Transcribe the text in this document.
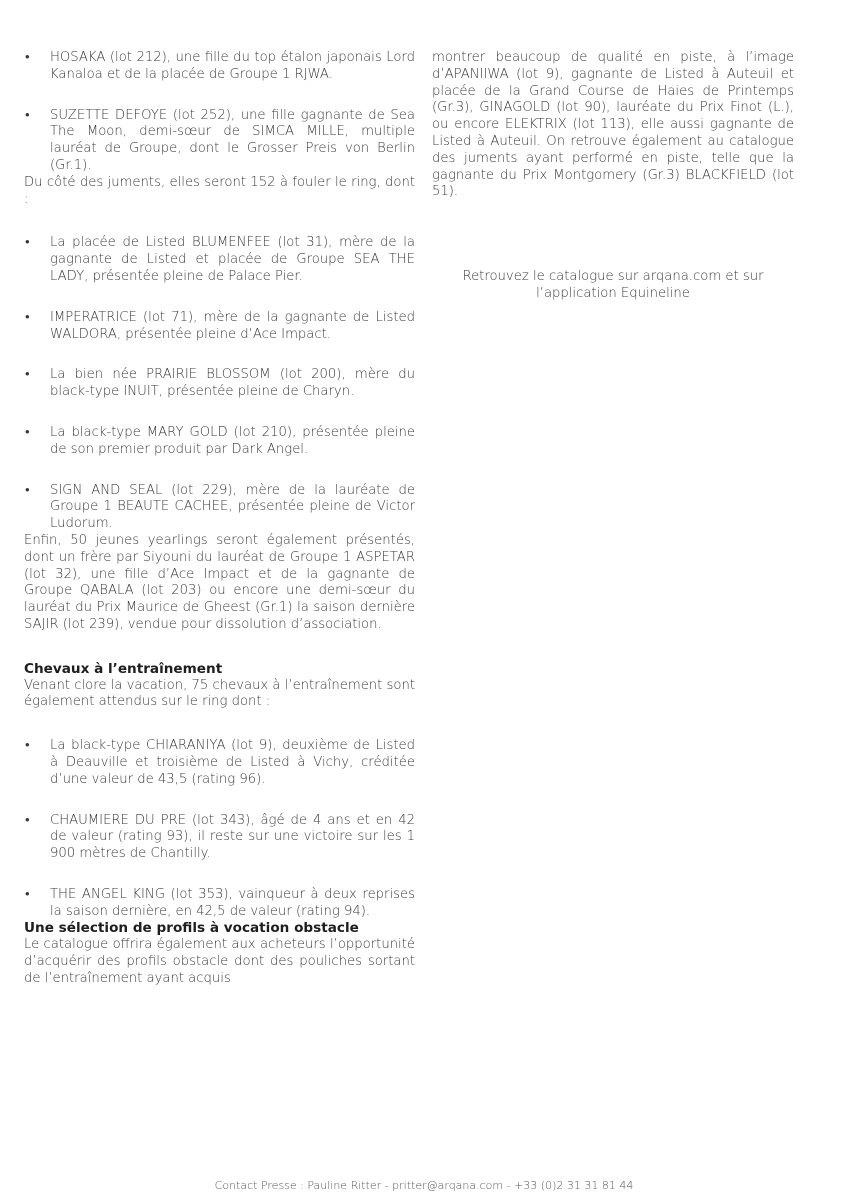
• HOSAKA (lot 212), une fille du top étalon japonais Lord Kanaloa et de la placée de Groupe 1 RJWA.
• SUZETTE DEFOYE (lot 252), une fille gagnante de Sea The Moon, demi-sœur de SIMCA MILLE, multiple lauréat de Groupe, dont le Grosser Preis von Berlin (Gr.1).

Du côté des juments, elles seront 152 à fouler le ring, dont :

• La placée de Listed BLUMENFEE (lot 31), mère de la gagnante de Listed et placée de Groupe SEA THE LADY, présentée pleine de Palace Pier.
• IMPERATRICE (lot 71), mère de la gagnante de Listed WALDORA, présentée pleine d’Ace Impact.
• La bien née PRAIRIE BLOSSOM (lot 200), mère du black-type INUIT, présentée pleine de Charyn.
• La black-type MARY GOLD (lot 210), présentée pleine de son premier produit par Dark Angel.
• SIGN AND SEAL (lot 229), mère de la lauréate de Groupe 1 BEAUTE CACHEE, présentée pleine de Victor Ludorum.

Enfin, 50 jeunes yearlings seront également présentés, dont un frère par Siyouni du lauréat de Groupe 1 ASPETAR (lot 32), une fille d’Ace Impact et de la gagnante de Groupe QABALA (lot 203) ou encore une demi-sœur du lauréat du Prix Maurice de Gheest (Gr.1) la saison dernière SAJIR (lot 239), vendue pour dissolution d’association.

Chevaux à l’entraînement

Venant clore la vacation, 75 chevaux à l’entraînement sont également attendus sur le ring dont :

• La black-type CHIARANIYA (lot 9), deuxième de Listed à Deauville et troisième de Listed à Vichy, créditée d’une valeur de 43,5 (rating 96).
• CHAUMIERE DU PRE (lot 343), âgé de 4 ans et en 42 de valeur (rating 93), il reste sur une victoire sur les 1 900 mètres de Chantilly.
• THE ANGEL KING (lot 353), vainqueur à deux reprises la saison dernière, en 42,5 de valeur (rating 94).
Une sélection de profils à vocation obstacle

Le catalogue offrira également aux acheteurs l’opportunité d’acquérir des profils obstacle dont des pouliches sortant de l’entraînement ayant acquis

montrer beaucoup de qualité en piste, à l’image d’APANIIWA (lot 9), gagnante de Listed à Auteuil et placée de la Grand Course de Haies de Printemps (Gr.3), GINAGOLD (lot 90), lauréate du Prix Finot (L.), ou encore ELEKTRIX (lot 113), elle aussi gagnante de Listed à Auteuil. On retrouve également au catalogue des juments ayant performé en piste, telle que la gagnante du Prix Montgomery (Gr.3) BLACKFIELD (lot 51).

Retrouvez le catalogue sur arqana.com et sur
l’application Equineline

Contact Presse : Pauline Ritter - pritter@arqana.com - +33 (0)2 31 31 81 44
